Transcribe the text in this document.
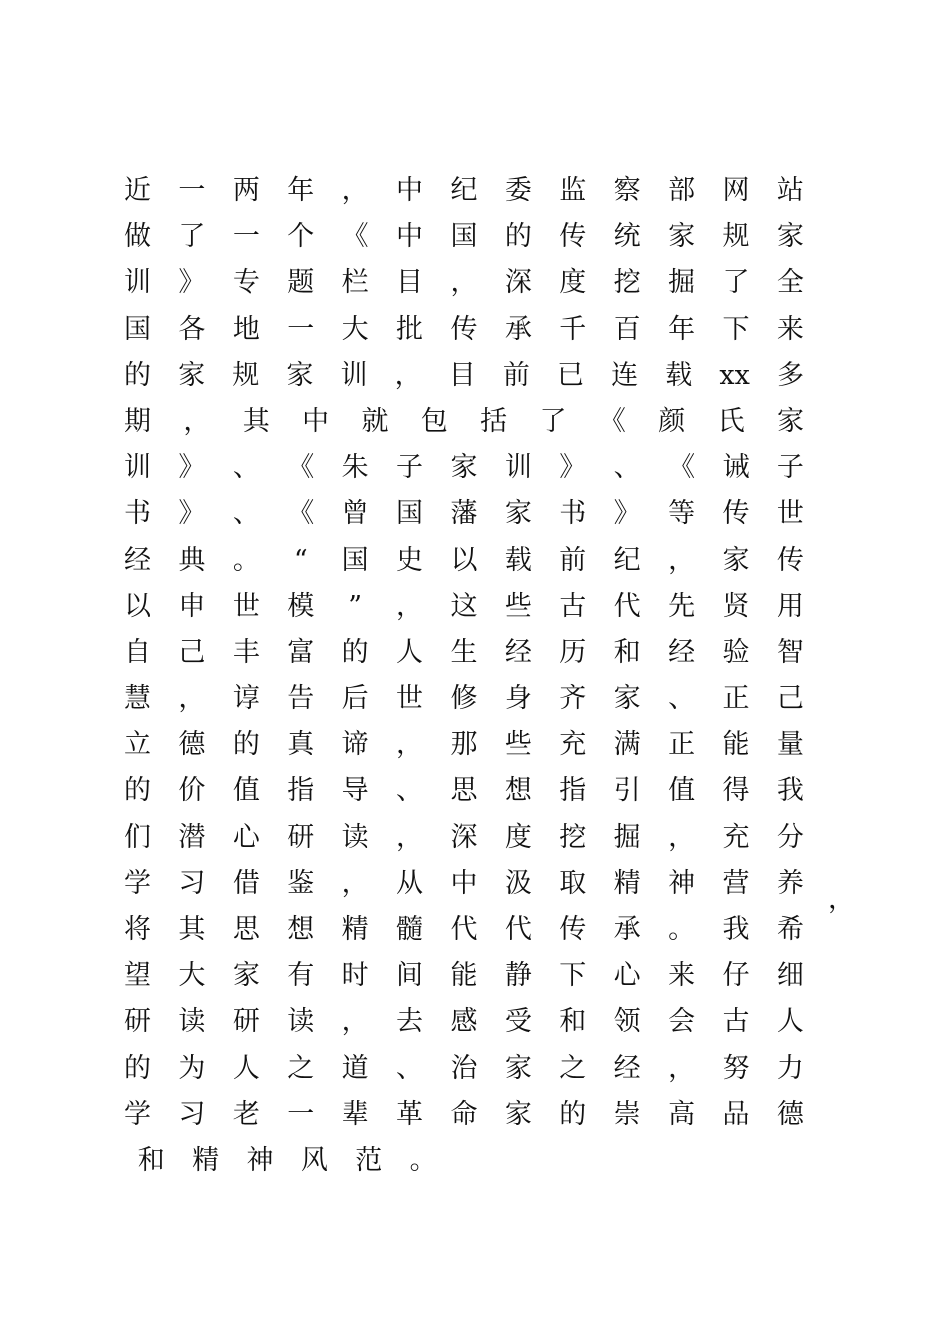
近 一 两 年 ， 中 纪 委 监 察 部 网 站
做 了 一 个 《 中 国 的 传 统 家 规 家
训 》 专 题 栏 目 ， 深 度 挖 掘 了 全
国 各 地 一 大 批 传 承 千 百 年 下 来
的 家 规 家 训 ， 目 前 已 连 载 xx 多
期 ， 其 中 就 包 括 了 《 颜 氏 家
训 》 、 《 朱 子 家 训 》 、 《 诫 子
书 》 、 《 曾 国 藩 家 书 》 等 传 世
经 典 。 “ 国 史 以 载 前 纪 ， 家 传
以 申 世 模 ” ， 这 些 古 代 先 贤 用
自 己 丰 富 的 人 生 经 历 和 经 验 智
慧 ， 谆 告 后 世 修 身 齐 家 、 正 己
立 德 的 真 谛 ， 那 些 充 满 正 能 量
的 价 值 指 导 、 思 想 指 引 值 得 我
们 潜 心 研 读 ， 深 度 挖 掘 ， 充 分
学 习 借 鉴 ， 从 中 汲 取 精 神 营 养
将 其 思 想 精 髓 代 代 传 承 。 我 希
望 大 家 有 时 间 能 静 下 心 来 仔 细
研 读 研 读 ， 去 感 受 和 领 会 古 人
的 为 人 之 道 、 治 家 之 经 ， 努 力
学 习 老 一 辈 革 命 家 的 崇 高 品 德
和	精	神	风	范	。
，
